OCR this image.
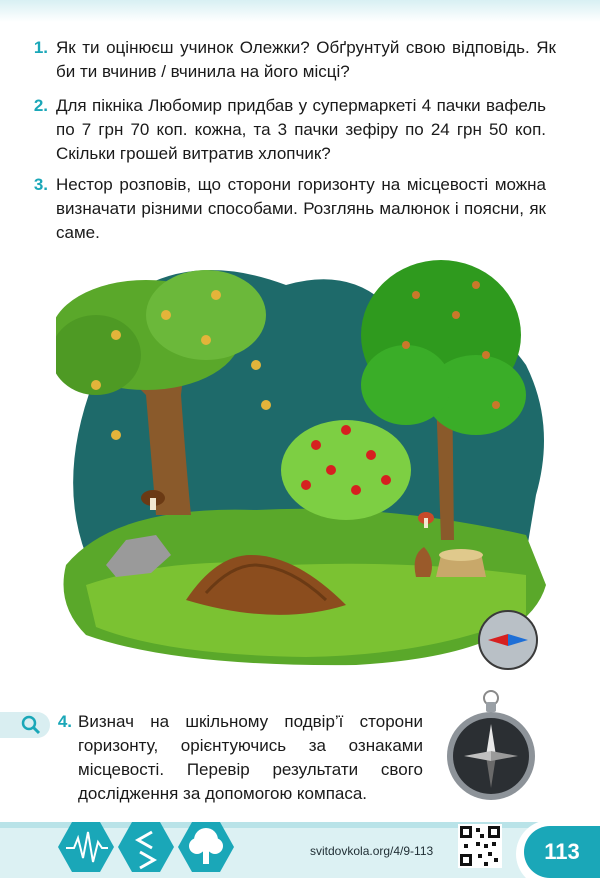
1. Як ти оцінюєш учинок Олежки? Обґрунтуй свою відповідь. Як би ти вчинив / вчинила на його місці?

2. Для пікніка Любомир придбав у супермаркеті 4 пачки вафель по 7 грн 70 коп. кожна, та 3 пачки зефіру по 24 грн 50 коп. Скільки грошей витратив хлопчик?

3. Нестор розповів, що сторони горизонту на місцевості можна визначати різними способами. Розглянь малюнок і поясни, як саме.

4. Визнач на шкільному подвір’ї сторони горизонту, орієнтуючись за ознаками місцевості. Перевір результати свого дослідження за допомогою компаса.

svitdovkola.org/4/9-113	113
